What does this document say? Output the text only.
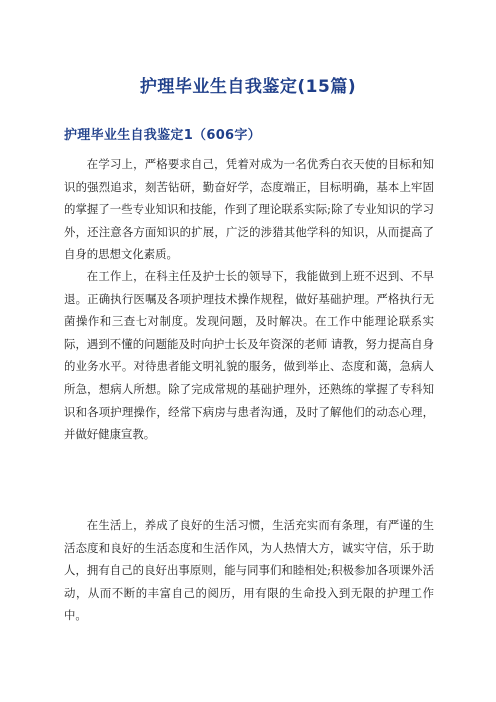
护理毕业生自我鉴定(15篇)
护理毕业生自我鉴定1（606字）

在学习上，严格要求自己，凭着对成为一名优秀白衣天使的目标和知识的强烈追求，刻苦钻研，勤奋好学，态度端正，目标明确，基本上牢固的掌握了一些专业知识和技能，作到了理论联系实际;除了专业知识的学习外，还注意各方面知识的扩展，广泛的涉猎其他学科的知识，从而提高了自身的思想文化素质。

在工作上，在科主任及护士长的领导下，我能做到上班不迟到、不早退。正确执行医嘱及各项护理技术操作规程，做好基础护理。严格执行无菌操作和三查七对制度。发现问题，及时解决。在工作中能理论联系实际，遇到不懂的问题能及时向护士长及年资深的老师 请教，努力提高自身的业务水平。对待患者能文明礼貌的服务，做到举止、态度和蔼，急病人所急，想病人所想。除了完成常规的基础护理外，还熟练的掌握了专科知识和各项护理操作，经常下病房与患者沟通，及时了解他们的动态心理，并做好健康宣教。

在生活上，养成了良好的生活习惯，生活充实而有条理，有严谨的生活态度和良好的生活态度和生活作风，为人热情大方，诚实守信，乐于助人，拥有自己的良好出事原则，能与同事们和睦相处;积极参加各项课外活动，从而不断的丰富自己的阅历，用有限的生命投入到无限的护理工作中。
